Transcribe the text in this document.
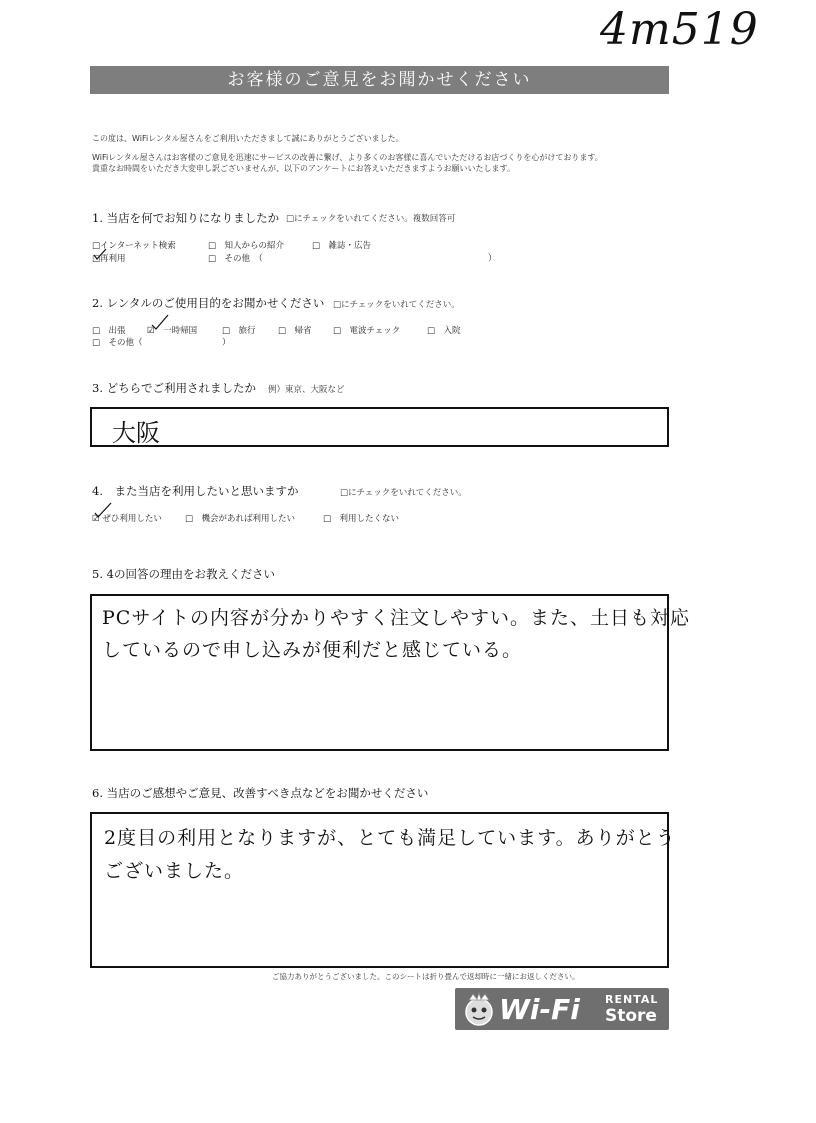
4m519
お客様のご意見をお聞かせください
この度は、WiFiレンタル屋さんをご利用いただきまして誠にありがとうございました。
WiFiレンタル屋さんはお客様のご意見を迅速にサービスの改善に繋げ、より多くのお客様に喜んでいただけるお店づくりを心がけております。
貴重なお時間をいただき大変申し訳ございませんが、以下のアンケートにお答えいただきますようお願いいたします。
1. 当店を何でお知りになりましたか □にチェックをいれてください。複数回答可
□インターネット検索	□　知人からの紹介	□　雑誌・広告
□再利用	□　その他　（	）
2. レンタルのご使用目的をお聞かせください □にチェックをいれてください。
□　出張	☑　一時帰国	□　旅行	□　帰省	□　電波チェック	□　入院
□　その他（	）
3. どちらでご利用されましたか 例）東京、大阪など
大阪
4.　また当店を利用したいと思いますか	□にチェックをいれてください。
☑ ぜひ利用したい	□　機会があれば利用したい	□　利用したくない
5. 4の回答の理由をお教えください
PCサイトの内容が分かりやすく注文しやすい。また、土日も対応
しているので申し込みが便利だと感じている。
6. 当店のご感想やご意見、改善すべき点などをお聞かせください
2度目の利用となりますが、とても満足しています。ありがとう
ございました。
ご協力ありがとうございました。このシートは折り畳んで返却時に一緒にお返しください。
Wi-Fi RENTAL
Store
